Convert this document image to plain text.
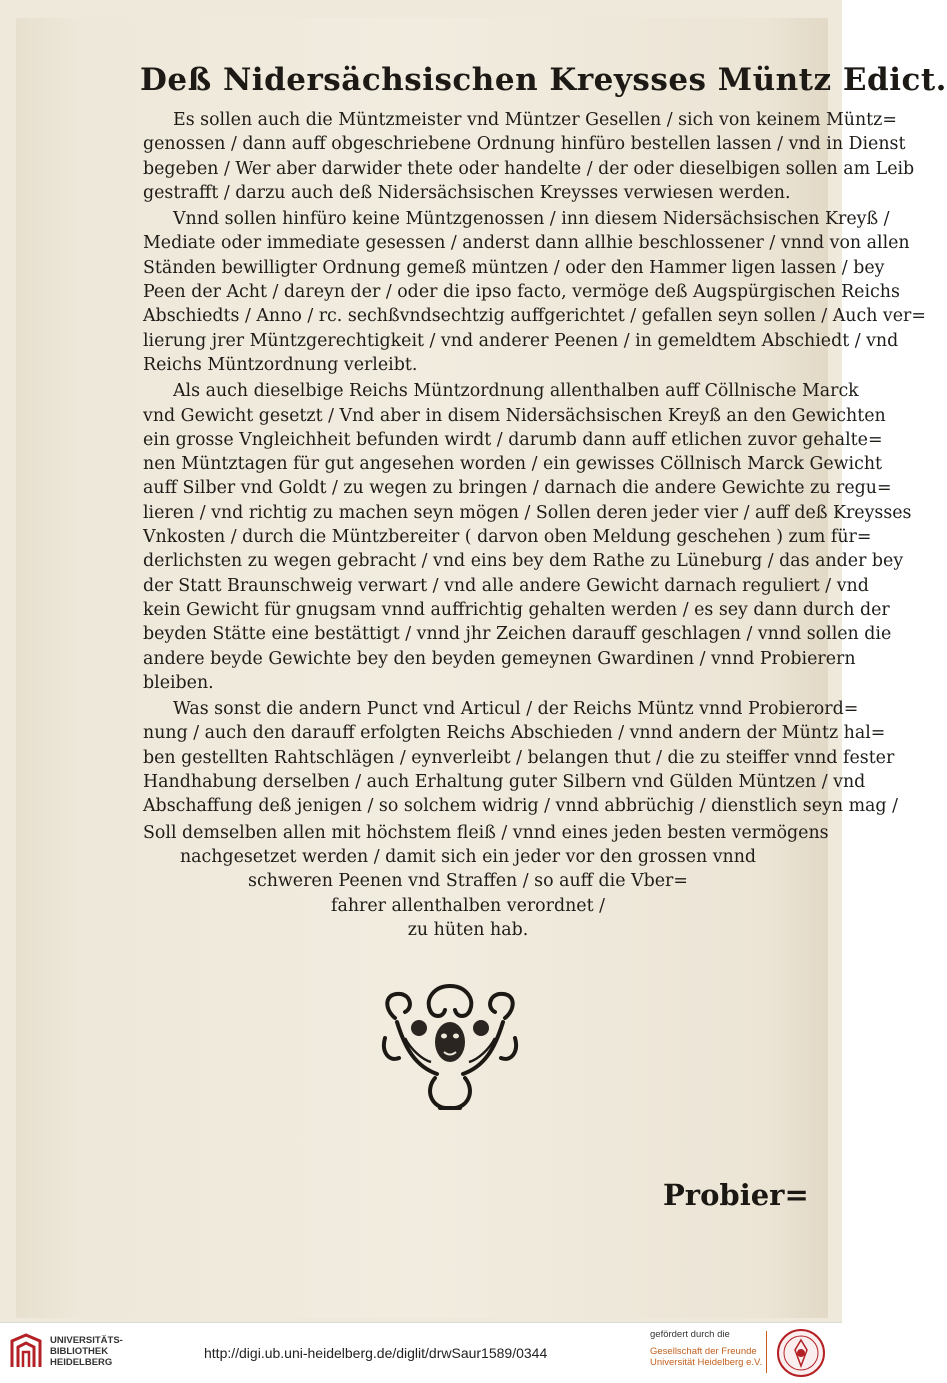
Deß Nidersächsischen Kreysses Müntz Edict.
Es sollen auch die Müntzmeister vnd Müntzer Gesellen / sich von keinem Müntz=
genossen / dann auff obgeschriebene Ordnung hinfüro bestellen lassen / vnd in Dienst
begeben / Wer aber darwider thete oder handelte / der oder dieselbigen sollen am Leib
gestrafft / darzu auch deß Nidersächsischen Kreysses verwiesen werden.
Vnnd sollen hinfüro keine Müntzgenossen / inn diesem Nidersächsischen Kreyß /
Mediate oder immediate gesessen / anderst dann allhie beschlossener / vnnd von allen
Ständen bewilligter Ordnung gemeß müntzen / oder den Hammer ligen lassen / bey
Peen der Acht / dareyn der / oder die ipso facto, vermöge deß Augspürgischen Reichs
Abschiedts / Anno / rc. sechßvndsechtzig auffgerichtet / gefallen seyn sollen / Auch ver=
lierung jrer Müntzgerechtigkeit / vnd anderer Peenen / in gemeldtem Abschiedt / vnd
Reichs Müntzordnung verleibt.
Als auch dieselbige Reichs Müntzordnung allenthalben auff Cöllnische Marck
vnd Gewicht gesetzt / Vnd aber in disem Nidersächsischen Kreyß an den Gewichten
ein grosse Vngleichheit befunden wirdt / darumb dann auff etlichen zuvor gehalte=
nen Müntztagen für gut angesehen worden / ein gewisses Cöllnisch Marck Gewicht
auff Silber vnd Goldt / zu wegen zu bringen / darnach die andere Gewichte zu regu=
lieren / vnd richtig zu machen seyn mögen / Sollen deren jeder vier / auff deß Kreysses
Vnkosten / durch die Müntzbereiter ( darvon oben Meldung geschehen ) zum für=
derlichsten zu wegen gebracht / vnd eins bey dem Rathe zu Lüneburg / das ander bey
der Statt Braunschweig verwart / vnd alle andere Gewicht darnach reguliert / vnd
kein Gewicht für gnugsam vnnd auffrichtig gehalten werden / es sey dann durch der
beyden Stätte eine bestättigt / vnnd jhr Zeichen darauff geschlagen / vnnd sollen die
andere beyde Gewichte bey den beyden gemeynen Gwardinen / vnnd Probierern
bleiben.
Was sonst die andern Punct vnd Articul / der Reichs Müntz vnnd Probierord=
nung / auch den darauff erfolgten Reichs Abschieden / vnnd andern der Müntz hal=
ben gestellten Rahtschlägen / eynverleibt / belangen thut / die zu steiffer vnnd fester
Handhabung derselben / auch Erhaltung guter Silbern vnd Gülden Müntzen / vnd
Abschaffung deß jenigen / so solchem widrig / vnnd abbrüchig / dienstlich seyn mag /
Soll demselben allen mit höchstem fleiß / vnnd eines jeden besten vermögens
nachgesetzet werden / damit sich ein jeder vor den grossen vnnd
schweren Peenen vnd Straffen / so auff die Vber=
fahrer allenthalben verordnet /
zu hüten hab.
Probier=
UNIVERSITÄTS-
BIBLIOTHEK
HEIDELBERG
http://digi.ub.uni-heidelberg.de/diglit/drwSaur1589/0344
gefördert durch die
Gesellschaft der Freunde
Universität Heidelberg e.V.
